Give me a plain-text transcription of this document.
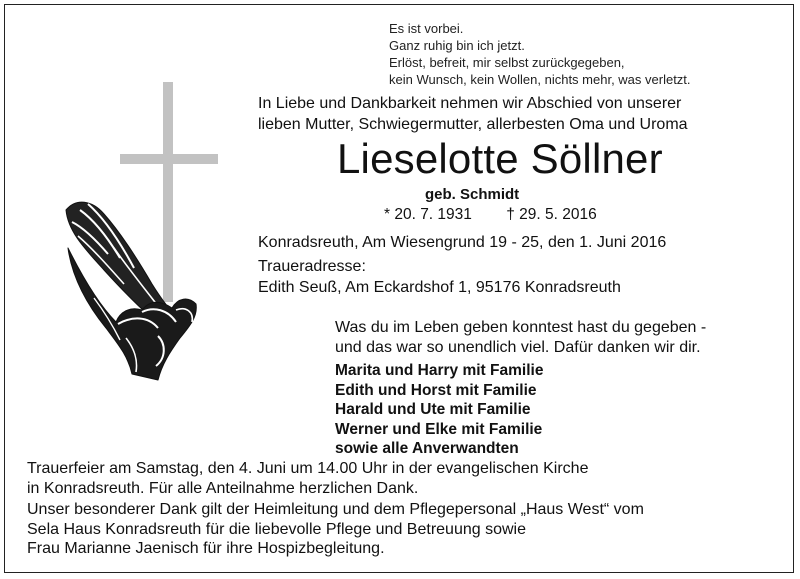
Es ist vorbei.
Ganz ruhig bin ich jetzt.
Erlöst, befreit, mir selbst zurückgegeben,
kein Wunsch, kein Wollen, nichts mehr, was verletzt.
In Liebe und Dankbarkeit nehmen wir Abschied von unserer
lieben Mutter, Schwiegermutter, allerbesten Oma und Uroma
Lieselotte Söllner
geb. Schmidt
* 20. 7. 1931 † 29. 5. 2016
Konradsreuth, Am Wiesengrund 19 - 25, den 1. Juni 2016
Traueradresse:
Edith Seuß, Am Eckardshof 1, 95176 Konradsreuth
Was du im Leben geben konntest hast du gegeben -
und das war so unendlich viel. Dafür danken wir dir.
Marita und Harry mit Familie
Edith und Horst mit Familie
Harald und Ute mit Familie
Werner und Elke mit Familie
sowie alle Anverwandten
Trauerfeier am Samstag, den 4. Juni um 14.00 Uhr in der evangelischen Kirche
in Konradsreuth. Für alle Anteilnahme herzlichen Dank.
Unser besonderer Dank gilt der Heimleitung und dem Pflegepersonal „Haus West“ vom
Sela Haus Konradsreuth für die liebevolle Pflege und Betreuung sowie
Frau Marianne Jaenisch für ihre Hospizbegleitung.
